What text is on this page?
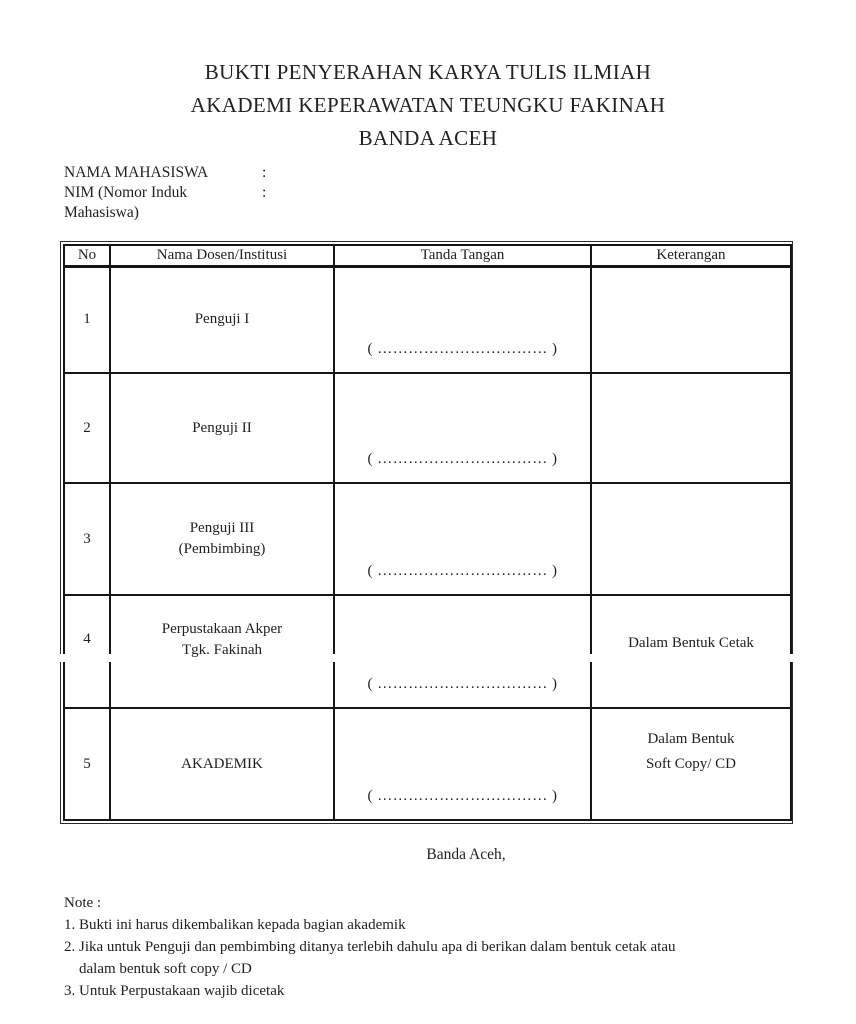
BUKTI PENYERAHAN KARYA TULIS ILMIAH
AKADEMI KEPERAWATAN TEUNGKU FAKINAH
BANDA ACEH
NAMA MAHASISWA	:
NIM (Nomor Induk Mahasiswa)
:
No	Nama Dosen/Institusi	Tanda Tangan	Keterangan
1	Penguji I	( …………………………… )	

2	Penguji II	( …………………………… )	

3	Penguji III
(Pembimbing)	( …………………………… )	

4	Perpustakaan Akper
Tgk. Fakinah	( …………………………… )	Dalam Bentuk Cetak

5	AKADEMIK	( …………………………… )	Dalam Bentuk
Soft Copy/ CD
Banda Aceh,
Note :
1. Bukti ini harus dikembalikan kepada bagian akademik
2. Jika untuk Penguji dan pembimbing ditanya terlebih dahulu apa di berikan dalam bentuk cetak atau
dalam bentuk soft copy / CD
3. Untuk Perpustakaan wajib dicetak
